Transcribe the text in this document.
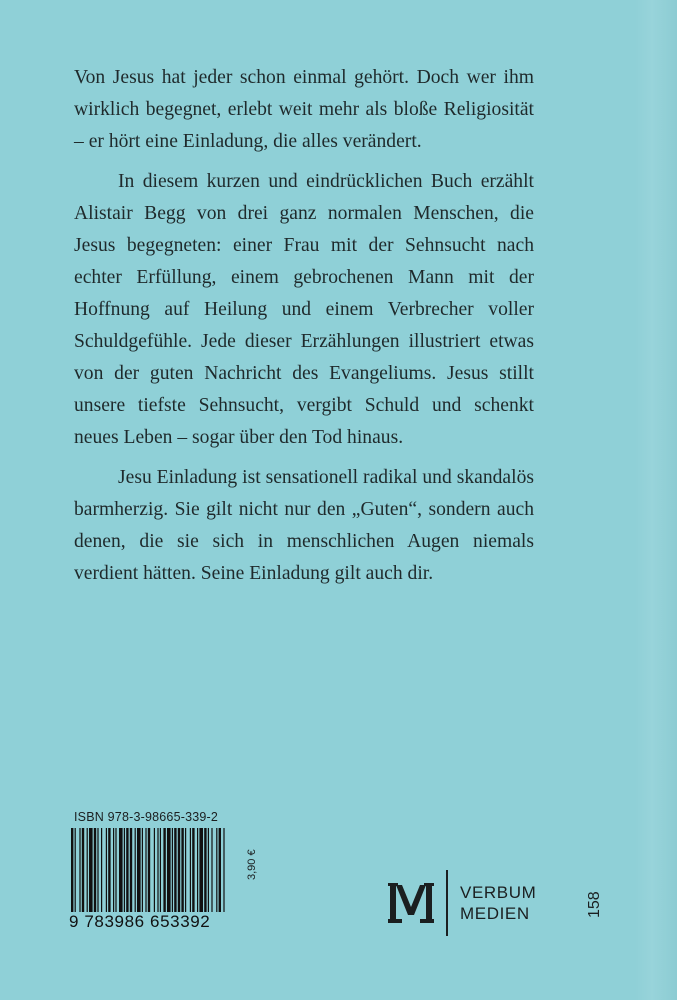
Von Jesus hat jeder schon einmal gehört. Doch wer ihm wirklich begegnet, erlebt weit mehr als bloße Religiosität – er hört eine Einladung, die alles verändert.

In diesem kurzen und eindrücklichen Buch erzählt Alistair Begg von drei ganz normalen Menschen, die Jesus begegneten: einer Frau mit der Sehnsucht nach echter Erfüllung, einem gebrochenen Mann mit der Hoffnung auf Heilung und einem Verbrecher voller Schuldgefühle. Jede dieser Erzählungen illustriert etwas von der guten Nachricht des Evangeliums. Jesus stillt unsere tiefste Sehnsucht, vergibt Schuld und schenkt neues Leben – sogar über den Tod hinaus.

Jesu Einladung ist sensationell radikal und skandalös barmherzig. Sie gilt nicht nur den „Guten“, sondern auch denen, die sie sich in menschlichen Augen niemals verdient hätten. Seine Einladung gilt auch dir.

ISBN 978-3-98665-339-2
9 783986 653392
3,90 €
VERBUM
MEDIEN	158
